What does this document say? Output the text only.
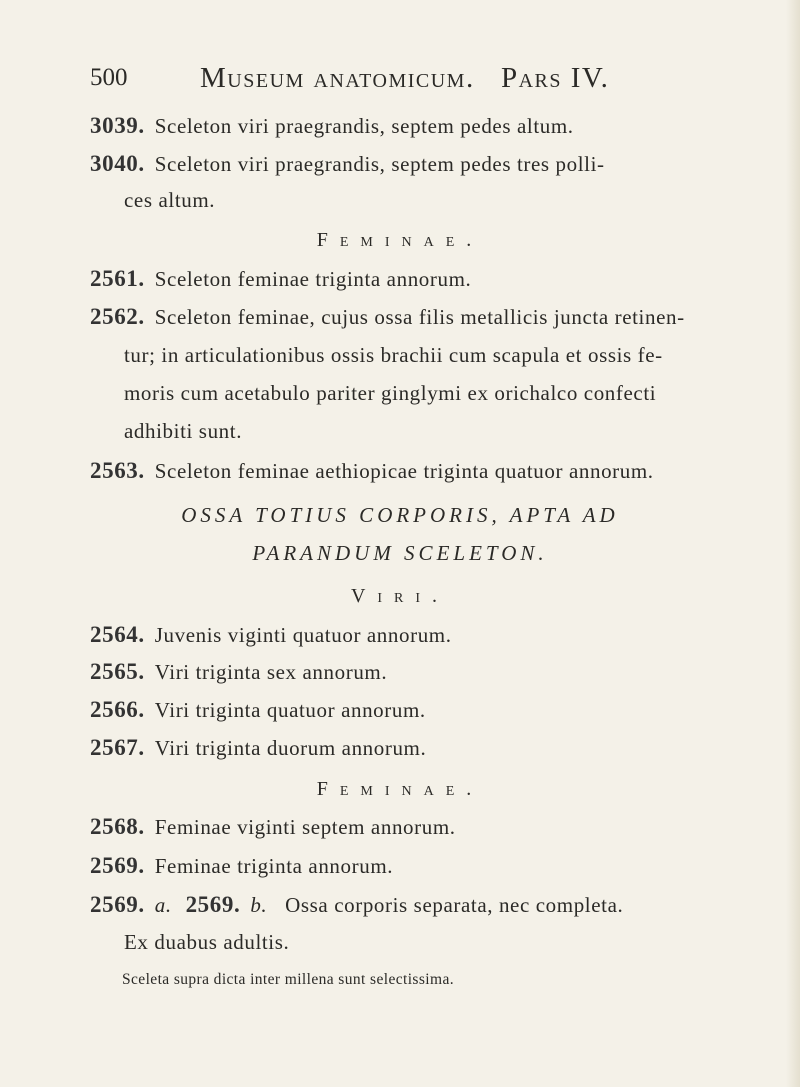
500	Museum anatomicum.   Pars IV.
3039. Sceleton viri praegrandis, septem pedes altum.
3040. Sceleton viri praegrandis, septem pedes tres polli-
ces altum.
Feminae.
2561. Sceleton feminae triginta annorum.
2562. Sceleton feminae, cujus ossa filis metallicis juncta retinen-
tur; in articulationibus ossis brachii cum scapula et ossis fe-
moris cum acetabulo pariter ginglymi ex orichalco confecti
adhibiti sunt.
2563. Sceleton feminae aethiopicae triginta quatuor annorum.
OSSA TOTIUS CORPORIS, APTA AD
PARANDUM SCELETON.
Viri.
2564. Juvenis viginti quatuor annorum.
2565. Viri triginta sex annorum.
2566. Viri triginta quatuor annorum.
2567. Viri triginta duorum annorum.
Feminae.
2568. Feminae viginti septem annorum.
2569. Feminae triginta annorum.
2569. a. 2569. b. Ossa corporis separata, nec completa.
Ex duabus adultis.
Sceleta supra dicta inter millena sunt selectissima.
